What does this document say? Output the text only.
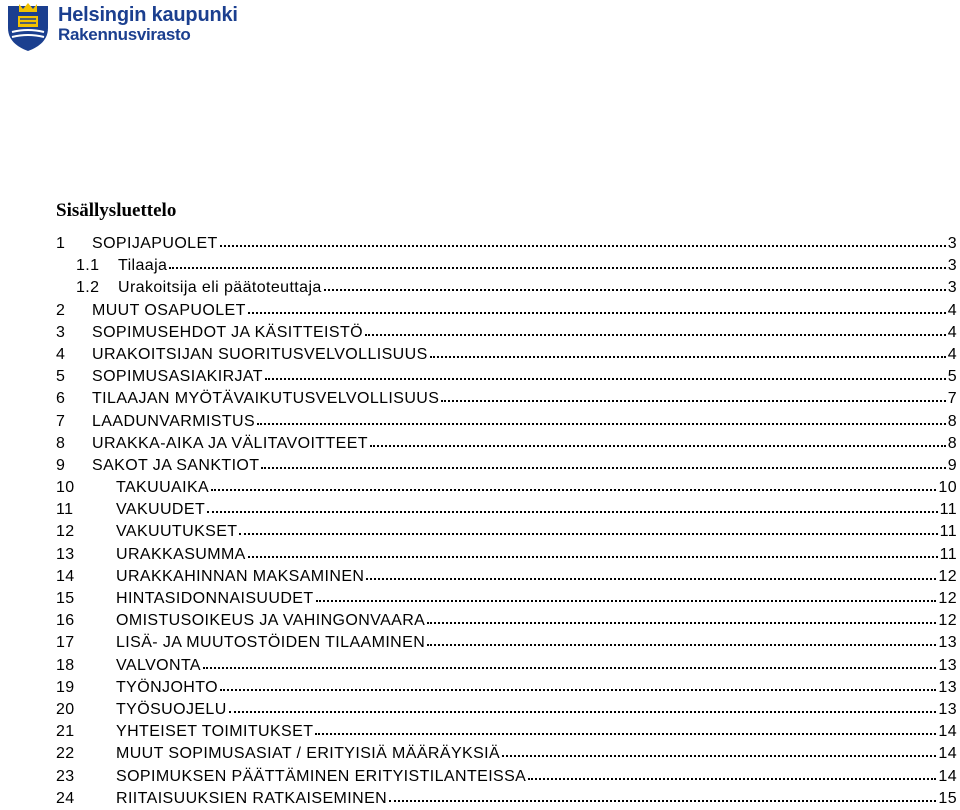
Helsingin kaupunki
Rakennusvirasto
Sisällysluettelo
1	SOPIJAPUOLET	3
1.1	Tilaaja	3
1.2	Urakoitsija eli päätoteuttaja	3
2	MUUT OSAPUOLET	4
3	SOPIMUSEHDOT JA KÄSITTEISTÖ	4
4	URAKOITSIJAN SUORITUSVELVOLLISUUS	4
5	SOPIMUSASIAKIRJAT	5
6	TILAAJAN MYÖTÄVAIKUTUSVELVOLLISUUS	7
7	LAADUNVARMISTUS	8
8	URAKKA-AIKA JA VÄLITAVOITTEET	8
9	SAKOT JA SANKTIOT	9
10	TAKUUAIKA	10
11	VAKUUDET	11
12	VAKUUTUKSET	11
13	URAKKASUMMA	11
14	URAKKAHINNAN MAKSAMINEN	12
15	HINTASIDONNAISUUDET	12
16	OMISTUSOIKEUS JA VAHINGONVAARA	12
17	LISÄ- JA MUUTOSTÖIDEN TILAAMINEN	13
18	VALVONTA	13
19	TYÖNJOHTO	13
20	TYÖSUOJELU	13
21	YHTEISET TOIMITUKSET	14
22	MUUT SOPIMUSASIAT / ERITYISIÄ MÄÄRÄYKSIÄ	14
23	SOPIMUKSEN PÄÄTTÄMINEN ERITYISTILANTEISSA	14
24	RIITAISUUKSIEN RATKAISEMINEN	15
